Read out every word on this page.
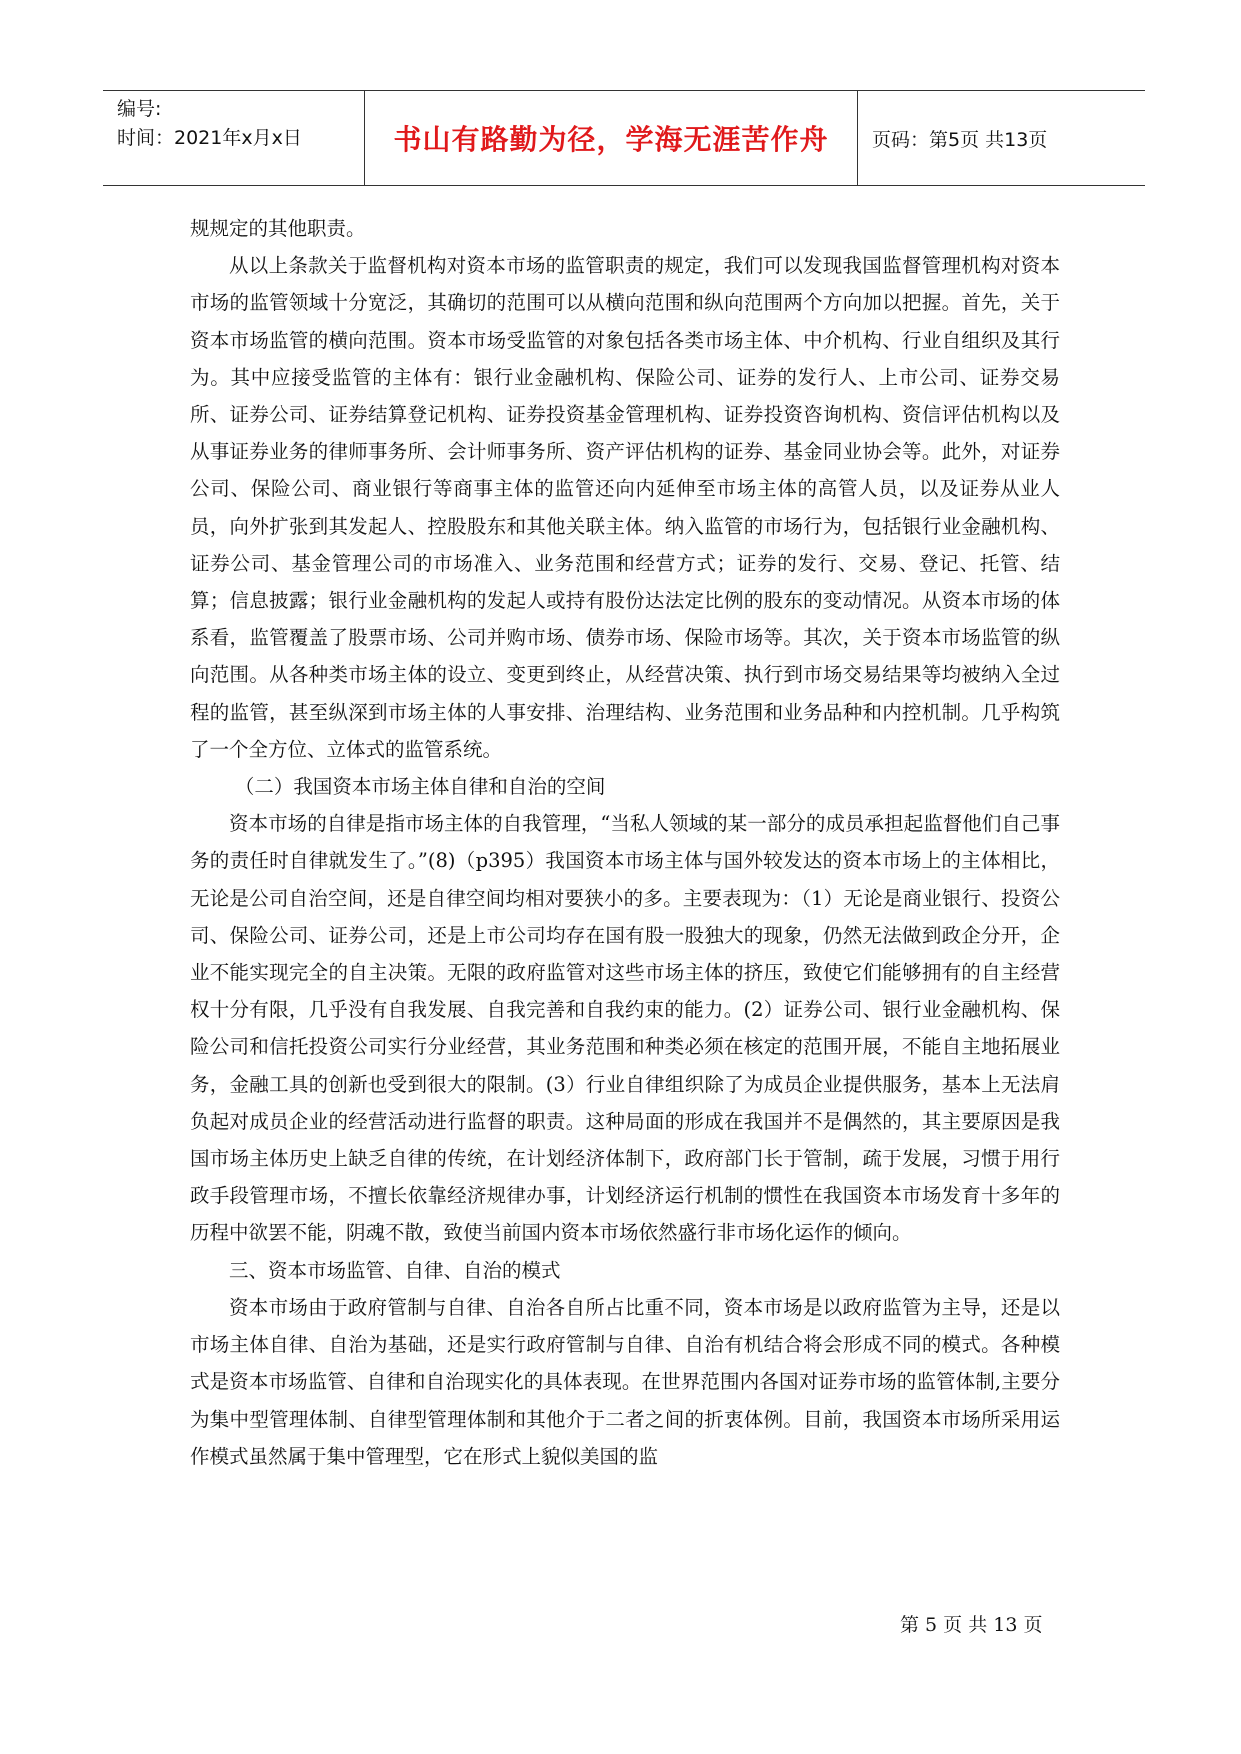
编号:
时间：2021年x月x日	书山有路勤为径，学海无涯苦作舟	页码：第5页 共13页

规规定的其他职责。

从以上条款关于监督机构对资本市场的监管职责的规定，我们可以发现我国监督管理机构对资本市场的监管领域十分宽泛，其确切的范围可以从横向范围和纵向范围两个方向加以把握。首先，关于资本市场监管的横向范围。资本市场受监管的对象包括各类市场主体、中介机构、行业自组织及其行为。其中应接受监管的主体有：银行业金融机构、保险公司、证券的发行人、上市公司、证券交易所、证券公司、证券结算登记机构、证券投资基金管理机构、证券投资咨询机构、资信评估机构以及从事证券业务的律师事务所、会计师事务所、资产评估机构的证券、基金同业协会等。此外，对证券公司、保险公司、商业银行等商事主体的监管还向内延伸至市场主体的高管人员，以及证券从业人员，向外扩张到其发起人、控股股东和其他关联主体。纳入监管的市场行为，包括银行业金融机构、证券公司、基金管理公司的市场准入、业务范围和经营方式；证券的发行、交易、登记、托管、结算；信息披露；银行业金融机构的发起人或持有股份达法定比例的股东的变动情况。从资本市场的体系看，监管覆盖了股票市场、公司并购市场、债券市场、保险市场等。其次，关于资本市场监管的纵向范围。从各种类市场主体的设立、变更到终止，从经营决策、执行到市场交易结果等均被纳入全过程的监管，甚至纵深到市场主体的人事安排、治理结构、业务范围和业务品种和内控机制。几乎构筑了一个全方位、立体式的监管系统。

（二）我国资本市场主体自律和自治的空间

资本市场的自律是指市场主体的自我管理，“当私人领域的某一部分的成员承担起监督他们自己事务的责任时自律就发生了。”(8)（p395）我国资本市场主体与国外较发达的资本市场上的主体相比，无论是公司自治空间，还是自律空间均相对要狭小的多。主要表现为：（1）无论是商业银行、投资公司、保险公司、证券公司，还是上市公司均存在国有股一股独大的现象，仍然无法做到政企分开，企业不能实现完全的自主决策。无限的政府监管对这些市场主体的挤压，致使它们能够拥有的自主经营权十分有限，几乎没有自我发展、自我完善和自我约束的能力。(2）证券公司、银行业金融机构、保险公司和信托投资公司实行分业经营，其业务范围和种类必须在核定的范围开展，不能自主地拓展业务，金融工具的创新也受到很大的限制。(3）行业自律组织除了为成员企业提供服务，基本上无法肩负起对成员企业的经营活动进行监督的职责。这种局面的形成在我国并不是偶然的，其主要原因是我国市场主体历史上缺乏自律的传统，在计划经济体制下，政府部门长于管制，疏于发展，习惯于用行政手段管理市场，不擅长依靠经济规律办事，计划经济运行机制的惯性在我国资本市场发育十多年的历程中欲罢不能，阴魂不散，致使当前国内资本市场依然盛行非市场化运作的倾向。

三、资本市场监管、自律、自治的模式

资本市场由于政府管制与自律、自治各自所占比重不同，资本市场是以政府监管为主导，还是以市场主体自律、自治为基础，还是实行政府管制与自律、自治有机结合将会形成不同的模式。各种模式是资本市场监管、自律和自治现实化的具体表现。在世界范围内各国对证券市场的监管体制,主要分为集中型管理体制、自律型管理体制和其他介于二者之间的折衷体例。目前，我国资本市场所采用运作模式虽然属于集中管理型，它在形式上貌似美国的监

第 5 页 共 13 页
